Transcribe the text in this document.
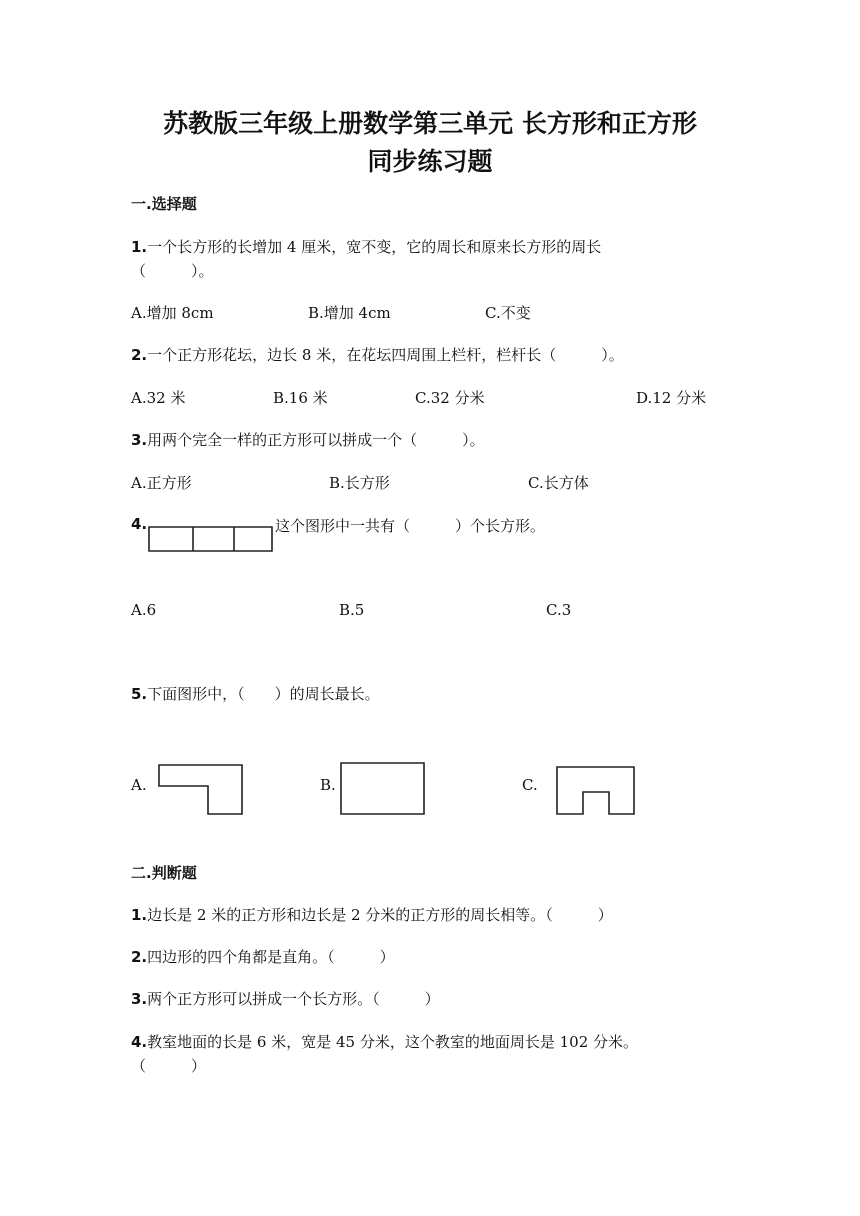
苏教版三年级上册数学第三单元 长方形和正方形
同步练习题
一.选择题
1.一个长方形的长增加 4 厘米，宽不变，它的周长和原来长方形的周长
（　　　）。
A.增加 8cm	B.增加 4cm	C.不变
2.一个正方形花坛，边长 8 米，在花坛四周围上栏杆，栏杆长（　　　）。
A.32 米	B.16 米	C.32 分米	D.12 分米
3.用两个完全一样的正方形可以拼成一个（　　　）。
A.正方形	B.长方形	C.长方体
4.	这个图形中一共有（　　　）个长方形。
A.6	B.5	C.3
5.下面图形中，（　　）的周长最长。
A.	B.	C.
二.判断题
1.边长是 2 米的正方形和边长是 2 分米的正方形的周长相等。（　　　）
2.四边形的四个角都是直角。（　　　）
3.两个正方形可以拼成一个长方形。（　　　）
4.教室地面的长是 6 米，宽是 45 分米，这个教室的地面周长是 102 分米。
（　　　）
